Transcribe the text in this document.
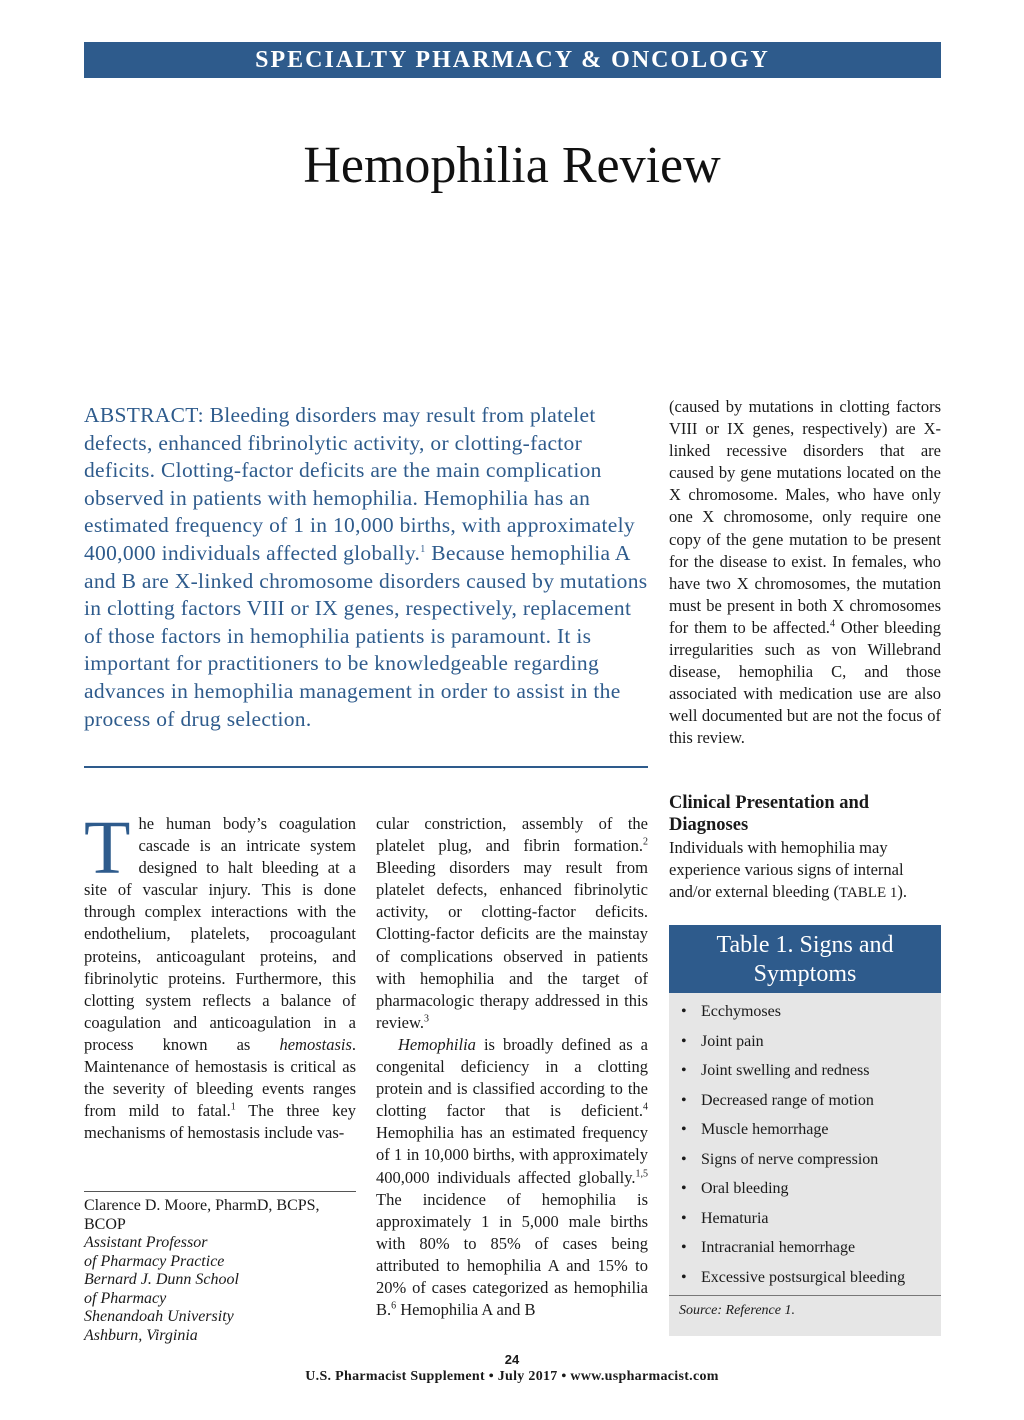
SPECIALTY PHARMACY & ONCOLOGY
Hemophilia Review
ABSTRACT: Bleeding disorders may result from platelet defects, enhanced fibrinolytic activity, or clotting-factor deficits. Clotting-factor deficits are the main complication observed in patients with hemophilia. Hemophilia has an estimated frequency of 1 in 10,000 births, with approximately 400,000 individuals affected globally.$^1$ Because hemophilia A and B are X-linked chromosome disorders caused by mutations in clotting factors VIII or IX genes, respectively, replacement of those factors in hemophilia patients is paramount. It is important for practitioners to be knowledgeable regarding advances in hemophilia management in order to assist in the process of drug selection.

The human body’s coagulation cascade is an intricate system designed to halt bleeding at a site of vascular injury. This is done through complex interactions with the endothelium, platelets, procoagulant proteins, anticoagulant proteins, and fibrinolytic proteins. Furthermore, this clotting system reflects a balance of coagulation and anticoagulation in a process known as hemostasis. Maintenance of hemostasis is critical as the severity of bleeding events ranges from mild to fatal.$^1$ The three key mechanisms of hemostasis include vas-

Clarence D. Moore, PharmD, BCPS, BCOP
Assistant Professor
of Pharmacy Practice
Bernard J. Dunn School
of Pharmacy
Shenandoah University
Ashburn, Virginia

cular constriction, assembly of the platelet plug, and fibrin formation.$^2$ Bleeding disorders may result from platelet defects, enhanced fibrinolytic activity, or clotting-factor deficits. Clotting-factor deficits are the mainstay of complications observed in patients with hemophilia and the target of pharmacologic therapy addressed in this review.$^3$

Hemophilia is broadly defined as a congenital deficiency in a clotting protein and is classified according to the clotting factor that is deficient.$^4$ Hemophilia has an estimated frequency of 1 in 10,000 births, with approximately 400,000 individuals affected globally.$^{1,5}$ The incidence of hemophilia is approximately 1 in 5,000 male births with 80% to 85% of cases being attributed to hemophilia A and 15% to 20% of cases categorized as hemophilia B.$^6$ Hemophilia A and B

(caused by mutations in clotting factors VIII or IX genes, respectively) are X-linked recessive disorders that are caused by gene mutations located on the X chromosome. Males, who have only one X chromosome, only require one copy of the gene mutation to be present for the disease to exist. In females, who have two X chromosomes, the mutation must be present in both X chromosomes for them to be affected.$^4$ Other bleeding irregularities such as von Willebrand disease, hemophilia C, and those associated with medication use are also well documented but are not the focus of this review.

Clinical Presentation and Diagnoses

Individuals with hemophilia may experience various signs of internal and/or external bleeding (TABLE 1).

Table 1. Signs and Symptoms
• Ecchymoses
• Joint pain
• Joint swelling and redness
• Decreased range of motion
• Muscle hemorrhage
• Signs of nerve compression
• Oral bleeding
• Hematuria
• Intracranial hemorrhage
• Excessive postsurgical bleeding
Source: Reference 1.
24
U.S. Pharmacist Supplement • July 2017 • www.uspharmacist.com
